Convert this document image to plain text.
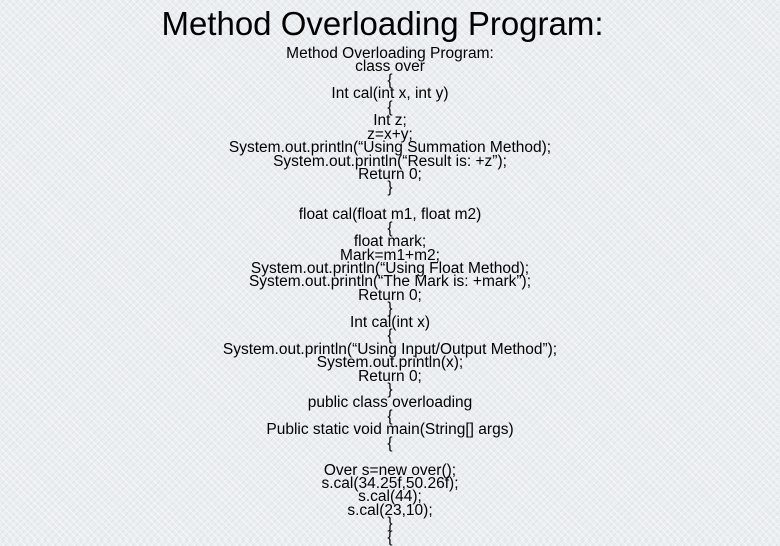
Method Overloading Program:
Method Overloading Program:
class over
{
Int cal(int x, int y)
{
Int z;
z=x+y;
System.out.println(“Using Summation Method);
System.out.println(“Result is: +z”);
Return 0;
}
float cal(float m1, float m2)
{
float mark;
Mark=m1+m2;
System.out.println(“Using Float Method);
System.out.println(“The Mark is: +mark”);
Return 0;
}
Int cal(int x)
{
System.out.println(“Using Input/Output Method”);
System.out.println(x);
Return 0;
}
public class overloading
{
Public static void main(String[] args)
{
Over s=new over();
s.cal(34.25f,50.26f);
s.cal(44);
s.cal(23,10);
}
{
